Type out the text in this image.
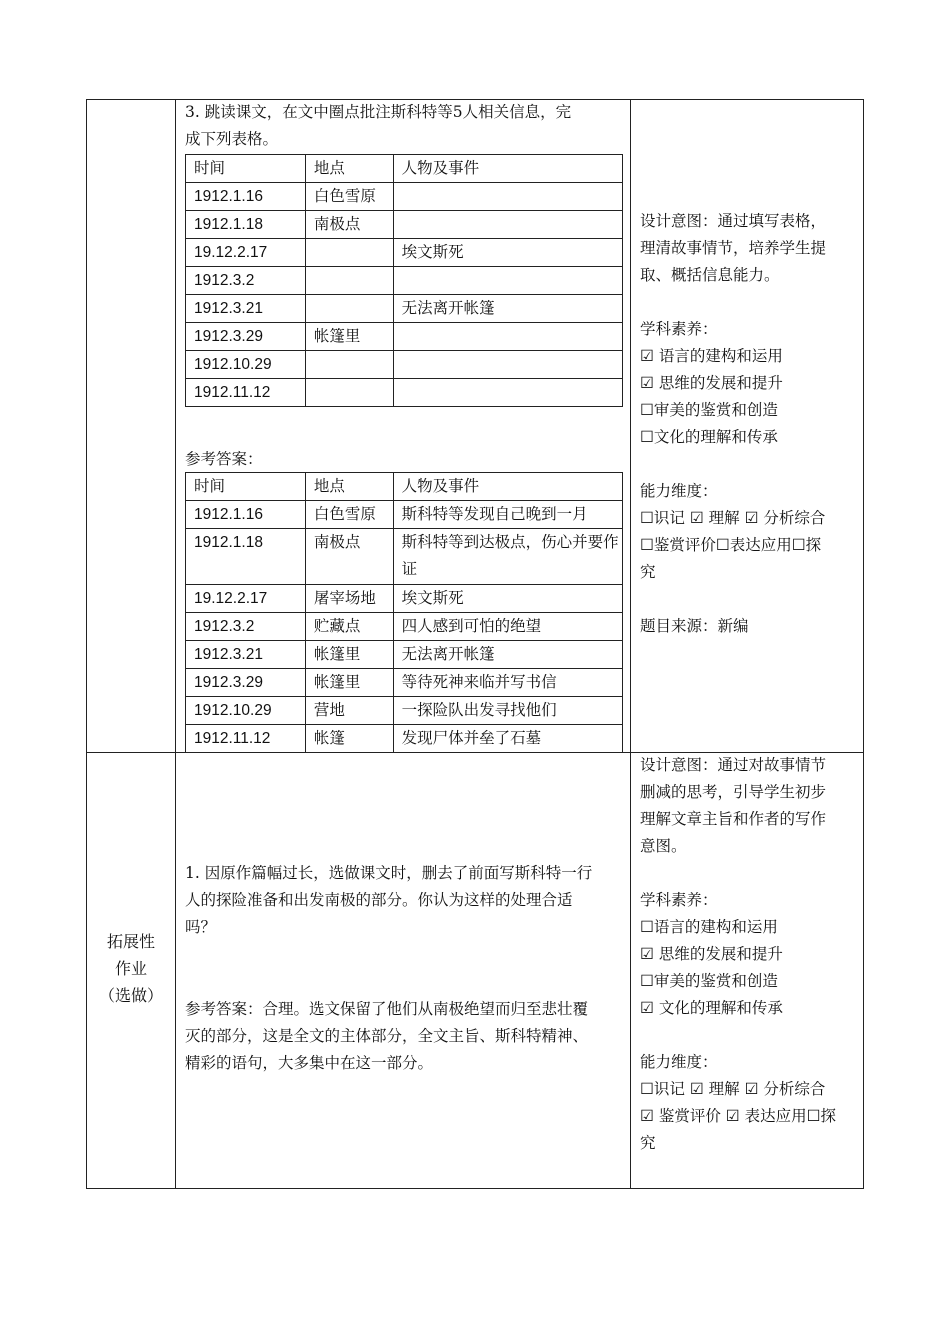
3. 跳读课文，在文中圈点批注斯科特等5人相关信息，完
成下列表格。
时间	地点	人物及事件
1912.1.16	白色雪原	
1912.1.18	南极点	
19.12.2.17		埃文斯死
1912.3.2		
1912.3.21		无法离开帐篷
1912.3.29	帐篷里	
1912.10.29		
1912.11.12		
参考答案：
时间	地点	人物及事件
1912.1.16	白色雪原	斯科特等发现自己晚到一月
1912.1.18	南极点	斯科特等到达极点，伤心并要作证
19.12.2.17	屠宰场地	埃文斯死
1912.3.2	贮藏点	四人感到可怕的绝望
1912.3.21	帐篷里	无法离开帐篷
1912.3.29	帐篷里	等待死神来临并写书信
1912.10.29	营地	一探险队出发寻找他们
1912.11.12	帐篷	发现尸体并垒了石墓
设计意图：通过填写表格，
理清故事情节，培养学生提
取、概括信息能力。
学科素养：
☑ 语言的建构和运用
☑ 思维的发展和提升
☐审美的鉴赏和创造
☐文化的理解和传承
能力维度：
☐识记 ☑ 理解 ☑ 分析综合
☐鉴赏评价☐表达应用☐探
究
题目来源：新编
拓展性
作业
（选做）
1. 因原作篇幅过长，选做课文时，删去了前面写斯科特一行
人的探险准备和出发南极的部分。你认为这样的处理合适
吗？
参考答案：合理。选文保留了他们从南极绝望而归至悲壮覆
灭的部分，这是全文的主体部分，全文主旨、斯科特精神、
精彩的语句，大多集中在这一部分。
设计意图：通过对故事情节
删减的思考，引导学生初步
理解文章主旨和作者的写作
意图。
学科素养：
☐语言的建构和运用
☑ 思维的发展和提升
☐审美的鉴赏和创造
☑ 文化的理解和传承
能力维度：
☐识记 ☑ 理解 ☑ 分析综合
☑ 鉴赏评价 ☑ 表达应用☐探
究
